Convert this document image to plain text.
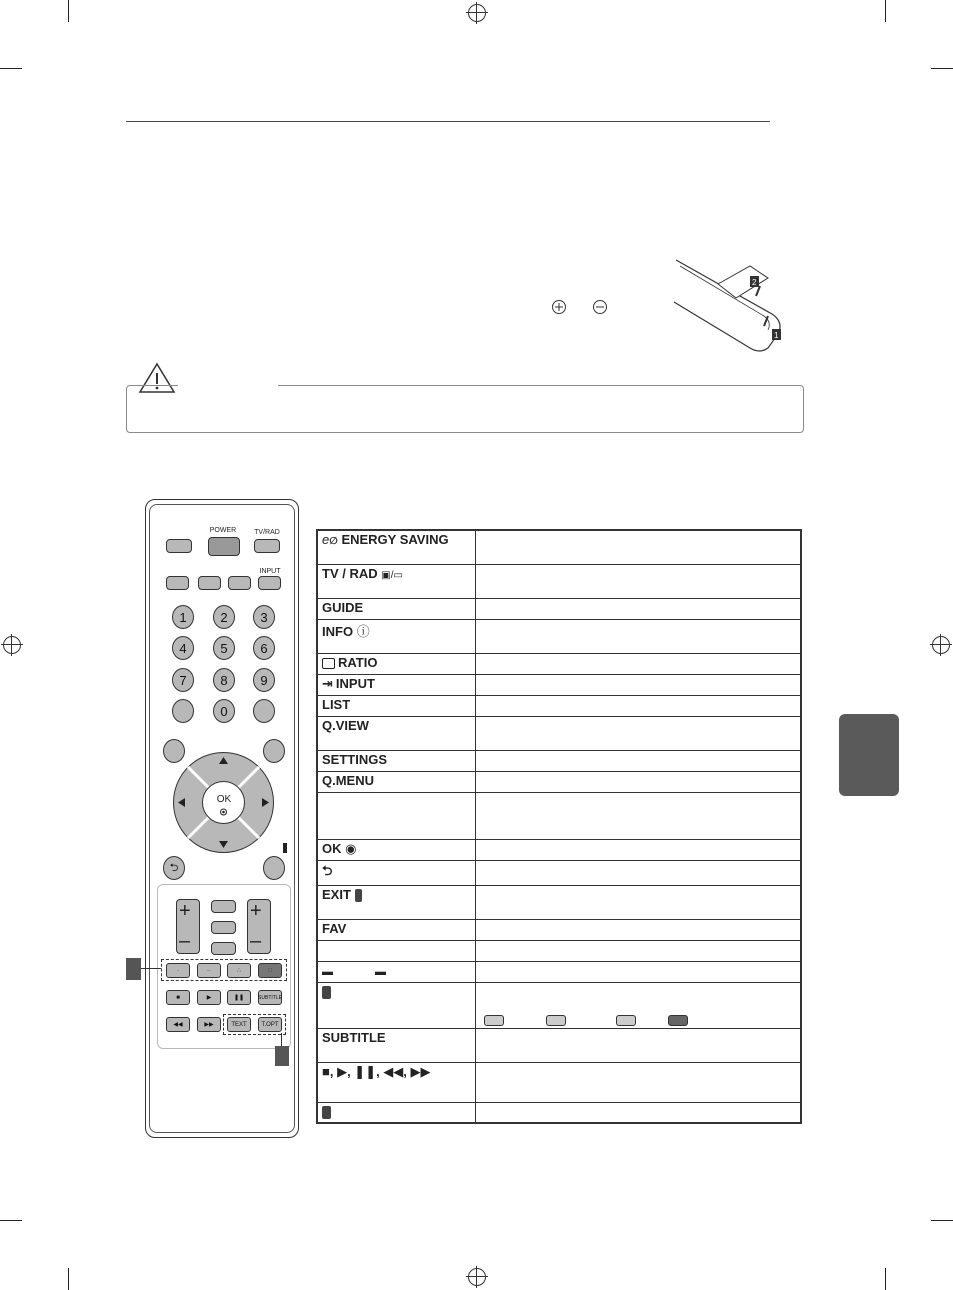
2
1
POWER	TV/RAD
INPUT
1	2	3
4	5	6
7	8	9
0
OK
⮌
+
–
+
–
·	··	∴	∷
■	▶	❚❚	SUBTITLE
◀◀	▶▶	TEXT	T.OPT
e∅ ENERGY SAVING	
TV / RAD ▣/▭	
GUIDE	
INFO ⓘ	
RATIO	
⇥ INPUT	
LIST	
Q.VIEW	
SETTINGS	
Q.MENU	

OK ◉	
⮌	
EXIT	
FAV	

▬ ▬	

SUBTITLE	
■, ▶, ❚❚, ◀◀, ▶▶	
